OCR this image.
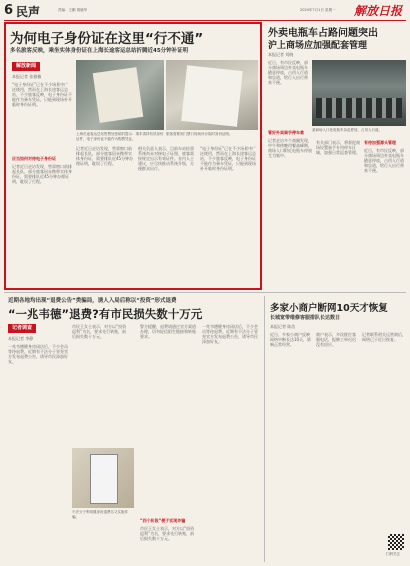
6 民声	责编：王鹏 胡晓华	2024年7月1日 星期一	解放日报
为何电子身份证在这里“行不通”
多名旅客反映，乘坐实体身份证在上海长途客运总站折腾近45分钟补证明
解放新闻
本报记者 张雅楠
“电子身份证”已在不少场景中广泛使用，然而在上海长途客运总站，不少旅客反映，电子身份证不能作为乘车凭证，只能到现场补开临时身份证明。
应当如何对待电子身份证
记者近日走访发现，售票窗口前排起长队，部分旅客因未携带实体身份证，需要排队近45分钟办理证明，耽误了行程。
上海长途客运总站售票处张贴的提示：乘车须持有效身份证件，电子身份证不能作为购票凭证。
旅客需要到门票口现场补办临时身份证明。
记者近日走访发现，售票窗口前排起长队，部分旅客因未携带实体身份证，需要排队近45分钟办理证明，耽误了行程。
相关负责人表示，目前车站检票系统尚未对接电子证照，旅客需按规定出示有效证件。业内人士建议，应尽快推动系统升级，方便群众出行。
“电子身份证”已在不少场景中广泛使用，然而在上海长途客运总站，不少旅客反映，电子身份证不能作为乘车凭证，只能到现场补开临时身份证明。
外卖电瓶车占路问题突出
沪上商场应加强配套管理
本报记者 刘晓
近日，有市民反映，部分商场周边外卖电瓶车随意停放，占用人行道和盲道，给行人出行带来不便。
某商场入口处电瓶车杂乱停放，占用人行道。
管好外卖骑手停车难
记者走访多个商圈发现，中午和傍晚用餐高峰期，商场入口附近电瓶车停放尤为集中。
有关部门表示，将督促商场设置骑手专用停车区域，加强日常巡查管理。
有待加强源头管理
近日，有市民反映，部分商场周边外卖电瓶车随意停放，占用人行道和盲道，给行人出行带来不便。
近期各地均出现“退费公告”类骗局，诱人入局后称以“投资”形式退费
“一兆韦德”退费?有市民损失数十万元
记者调查
本报记者 李静
一兆韦德健身房闭店后，不少会员等待退费。近期有不法分子冒充官方发布退费公告，诱导市民添加好友。
市民王女士表示，对方以“投资返利”为名，要求先行转账，前后损失数十万元。
不法分子利用健身房退费名义实施诈骗。
“四个阶段”便于实现诈骗
警方提醒，退费请通过官方渠道办理，切勿轻信陌生链接和转账要求。
市民王女士表示，对方以“投资返利”为名，要求先行转账，前后损失数十万元。
一兆韦德健身房闭店后，不少会员等待退费。近期有不法分子冒充官方发布退费公告，诱导市民添加好友。
多家小商户断网10天才恢复
长城宽带维修客服排队长达数日
本报记者 陈浩
近日，多家小商户反映网络中断长达10天，影响正常经营。
商户表示，多次拨打客服电话，报修工单迟迟没有回应。
记者联系相关运营商后，网络已于近日恢复。
扫码关注
